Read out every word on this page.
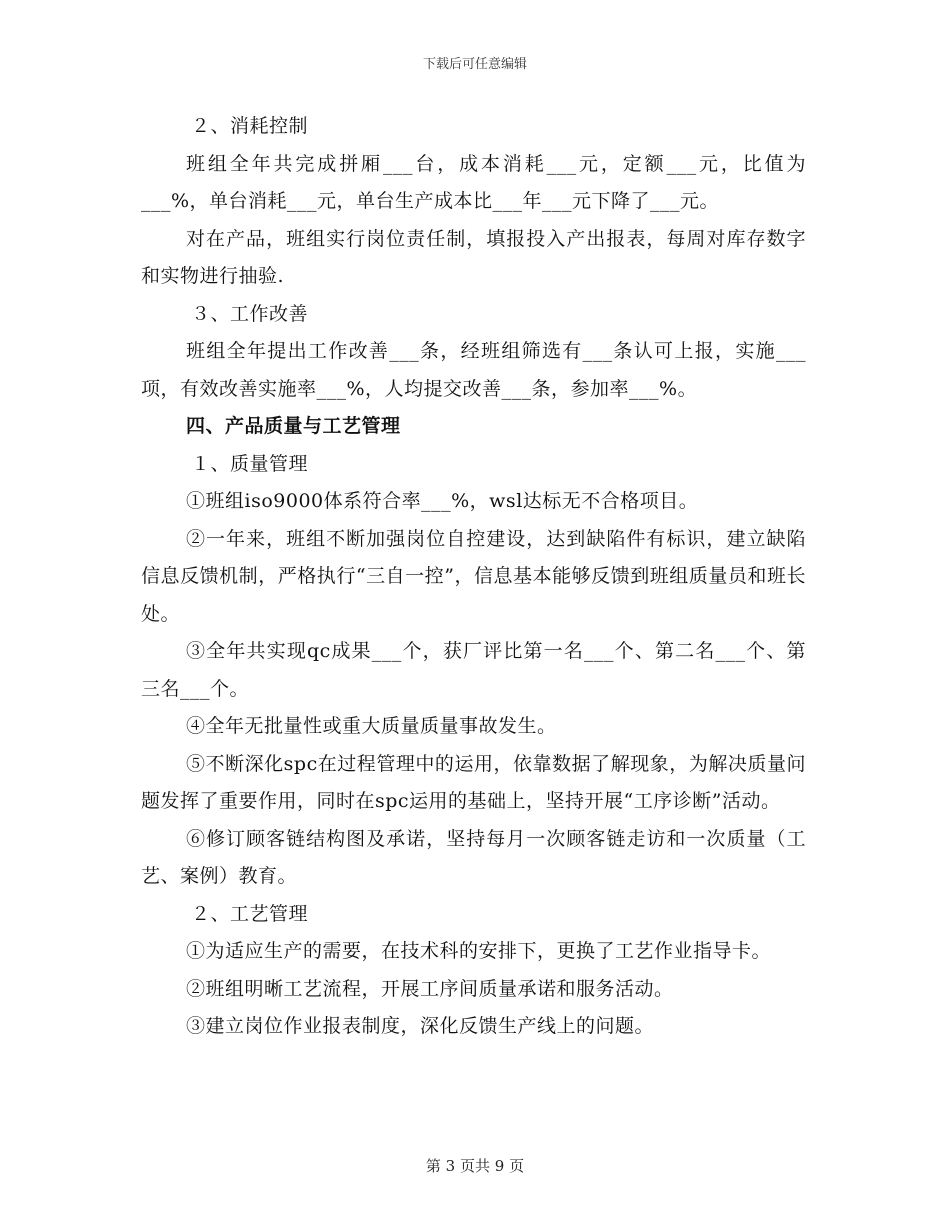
下载后可任意编辑

２、消耗控制

班组全年共完成拼厢___台，成本消耗___元，定额___元，比值为___%，单台消耗___元，单台生产成本比___年___元下降了___元。

对在产品，班组实行岗位责任制，填报投入产出报表，每周对库存数字和实物进行抽验.

３、工作改善

班组全年提出工作改善___条，经班组筛选有___条认可上报，实施___项，有效改善实施率___%，人均提交改善___条，参加率___%。

四、产品质量与工艺管理

１、质量管理

①班组iso9000体系符合率___%，wsl达标无不合格项目。

②一年来，班组不断加强岗位自控建设，达到缺陷件有标识，建立缺陷信息反馈机制，严格执行“三自一控”，信息基本能够反馈到班组质量员和班长处。

③全年共实现qc成果___个，获厂评比第一名___个、第二名___个、第三名___个。

④全年无批量性或重大质量质量事故发生。

⑤不断深化spc在过程管理中的运用，依靠数据了解现象，为解决质量问题发挥了重要作用，同时在spc运用的基础上，坚持开展“工序诊断”活动。

⑥修订顾客链结构图及承诺，坚持每月一次顾客链走访和一次质量（工艺、案例）教育。

２、工艺管理

①为适应生产的需要，在技术科的安排下，更换了工艺作业指导卡。

②班组明晰工艺流程，开展工序间质量承诺和服务活动。

③建立岗位作业报表制度，深化反馈生产线上的问题。

第 3 页共 9 页
